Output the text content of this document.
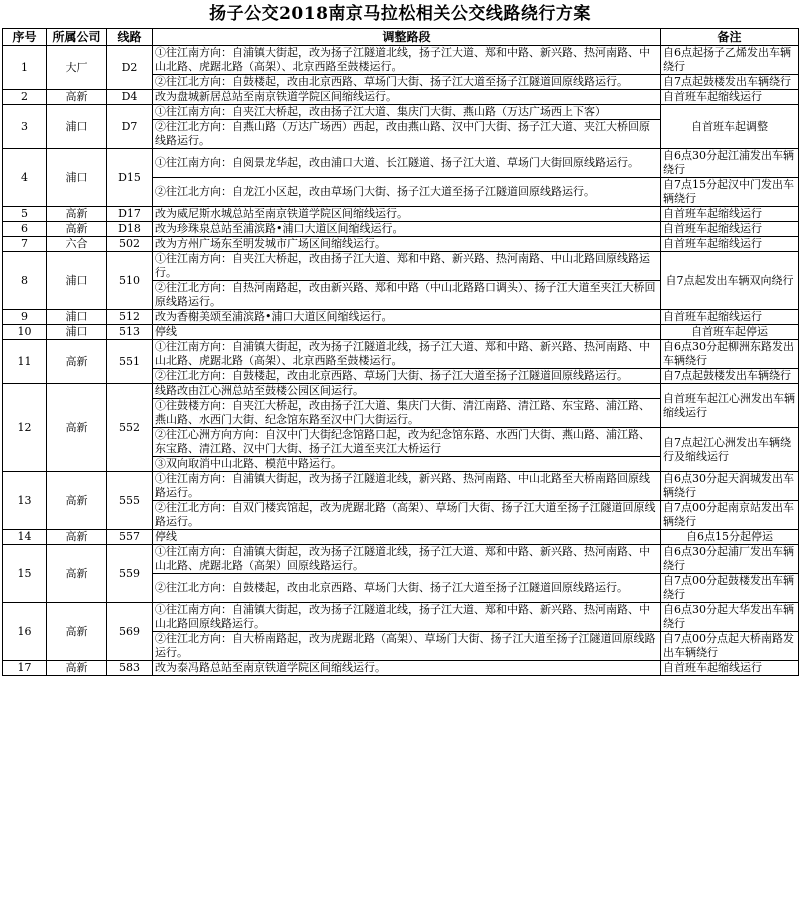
扬子公交2018南京马拉松相关公交线路绕行方案
序号	所属公司	线路	调整路段	备注
1	大厂	D2	①往江南方向：自浦镇大街起，改为扬子江隧道北线，扬子江大道、郑和中路、新兴路、热河南路、中山北路、虎踞北路（高架）、北京西路至鼓楼运行。	自6点起扬子乙烯发出车辆绕行
			②往江北方向：自鼓楼起，改由北京西路、草场门大街、扬子江大道至扬子江隧道回原线路运行。	自7点起鼓楼发出车辆绕行
2	高新	D4	改为盘城新居总站至南京铁道学院区间缩线运行。	自首班车起缩线运行
3	浦口	D7	①往江南方向：自夹江大桥起，改由扬子江大道、集庆门大街、燕山路（万达广场西上下客）	自首班车起调整
			②往江北方向：自燕山路（万达广场西）西起，改由燕山路、汉中门大街、扬子江大道、夹江大桥回原线路运行。	
4	浦口	D15	①往江南方向：自阅景龙华起，改由浦口大道、长江隧道、扬子江大道、草场门大街回原线路运行。	自6点30分起江浦发出车辆绕行
			②往江北方向：自龙江小区起，改由草场门大街、扬子江大道至扬子江隧道回原线路运行。	自7点15分起汉中门发出车辆绕行
5	高新	D17	改为威尼斯水城总站至南京铁道学院区间缩线运行。	自首班车起缩线运行
6	高新	D18	改为珍珠泉总站至浦滨路•浦口大道区间缩线运行。	自首班车起缩线运行
7	六合	502	改为方州广场东至明发城市广场区间缩线运行。	自首班车起缩线运行
8	浦口	510	①往江南方向：自夹江大桥起，改由扬子江大道、郑和中路、新兴路、热河南路、中山北路回原线路运行。	自7点起发出车辆双向绕行
			②往江北方向：自热河南路起，改由新兴路、郑和中路（中山北路路口调头）、扬子江大道至夹江大桥回原线路运行。	
9	浦口	512	改为香榭美颂至浦滨路•浦口大道区间缩线运行。	自首班车起缩线运行
10	浦口	513	停线	自首班车起停运
11	高新	551	①往江南方向：自浦镇大街起，改为扬子江隧道北线，扬子江大道、郑和中路、新兴路、热河南路、中山北路、虎踞北路（高架）、北京西路至鼓楼运行。	自6点30分起柳洲东路发出车辆绕行
			②往江北方向：自鼓楼起，改由北京西路、草场门大街、扬子江大道至扬子江隧道回原线路运行。	自7点起鼓楼发出车辆绕行
12	高新	552	线路改由江心洲总站至鼓楼公园区间运行。	自首班车起江心洲发出车辆缩线运行
			①往鼓楼方向：自夹江大桥起，改由扬子江大道、集庆门大街、清江南路、清江路、东宝路、浦江路、燕山路、水西门大街、纪念馆东路至汉中门大街运行。	
			②往江心洲方向方向：自汉中门大街纪念馆路口起，改为纪念馆东路、水西门大街、燕山路、浦江路、东宝路、清江路、汉中门大街、扬子江大道至夹江大桥运行	自7点起江心洲发出车辆绕行及缩线运行
			③双向取消中山北路、模范中路运行。	
13	高新	555	①往江南方向：自浦镇大街起，改为扬子江隧道北线，新兴路、热河南路、中山北路至大桥南路回原线路运行。	自6点30分起天润城发出车辆绕行
			②往江北方向：自双门楼宾馆起，改为虎踞北路（高架）、草场门大街、扬子江大道至扬子江隧道回原线路运行。	自7点00分起南京站发出车辆绕行
14	高新	557	停线	自6点15分起停运
15	高新	559	①往江南方向：自浦镇大街起，改为扬子江隧道北线，扬子江大道、郑和中路、新兴路、热河南路、中山北路、虎踞北路（高架）回原线路运行。	自6点30分起浦厂发出车辆绕行
			②往江北方向：自鼓楼起，改由北京西路、草场门大街、扬子江大道至扬子江隧道回原线路运行。	自7点00分起鼓楼发出车辆绕行
16	高新	569	①往江南方向：自浦镇大街起，改为扬子江隧道北线，扬子江大道、郑和中路、新兴路、热河南路、中山北路回原线路运行。	自6点30分起大华发出车辆绕行
			②往江北方向：自大桥南路起，改为虎踞北路（高架）、草场门大街、扬子江大道至扬子江隧道回原线路运行。	自7点00分点起大桥南路发出车辆绕行
17	高新	583	改为泰冯路总站至南京铁道学院区间缩线运行。	自首班车起缩线运行
